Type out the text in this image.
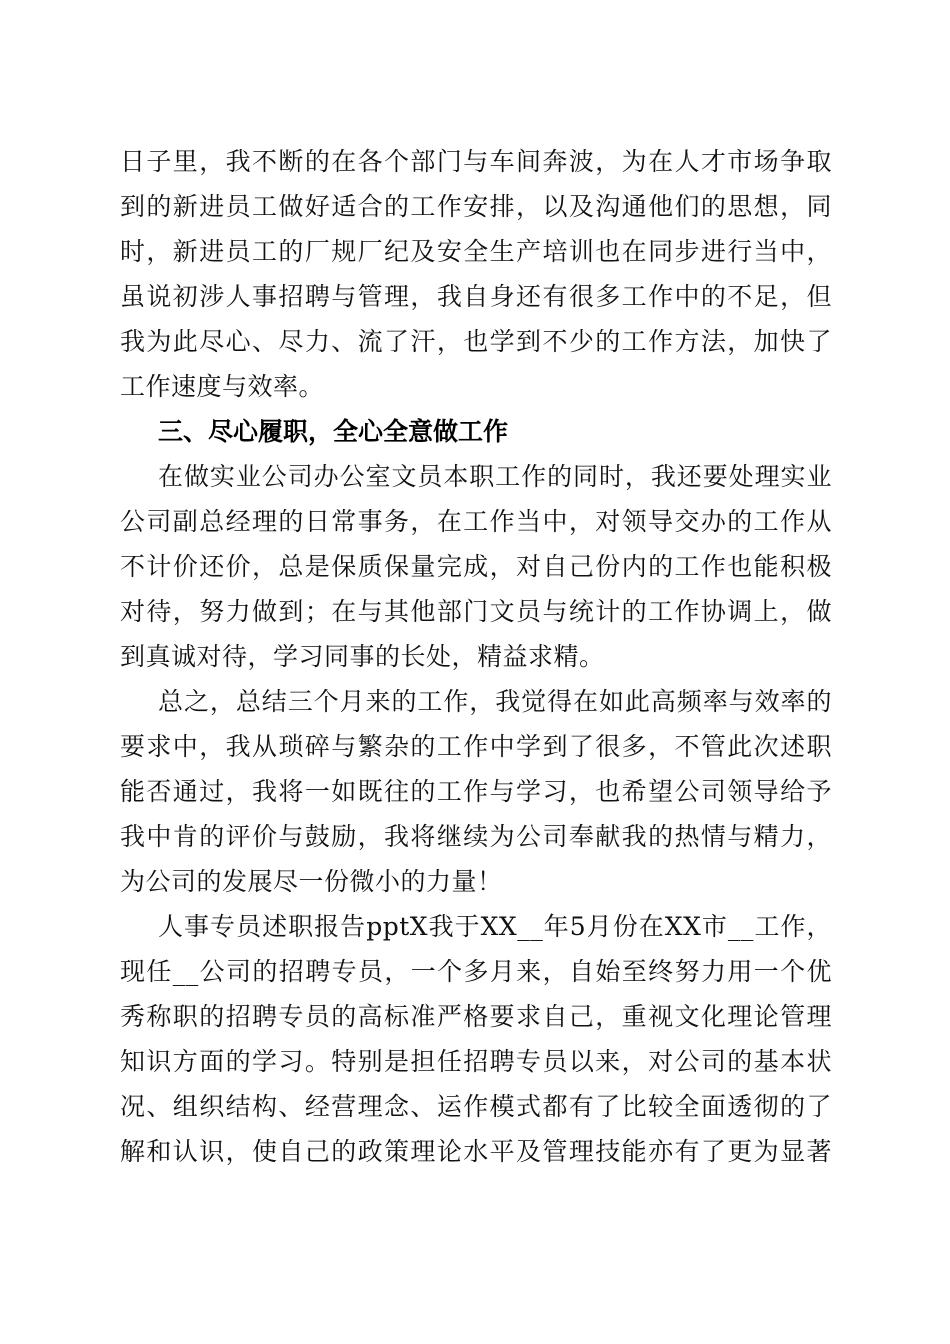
日子里，我不断的在各个部门与车间奔波，为在人才市场争取
到的新进员工做好适合的工作安排，以及沟通他们的思想，同
时，新进员工的厂规厂纪及安全生产培训也在同步进行当中，
虽说初涉人事招聘与管理，我自身还有很多工作中的不足，但
我为此尽心、尽力、流了汗，也学到不少的工作方法，加快了
工作速度与效率。
三、尽心履职，全心全意做工作
在做实业公司办公室文员本职工作的同时，我还要处理实业
公司副总经理的日常事务，在工作当中，对领导交办的工作从
不计价还价，总是保质保量完成，对自己份内的工作也能积极
对待，努力做到；在与其他部门文员与统计的工作协调上，做
到真诚对待，学习同事的长处，精益求精。
总之，总结三个月来的工作，我觉得在如此高频率与效率的
要求中，我从琐碎与繁杂的工作中学到了很多，不管此次述职
能否通过，我将一如既往的工作与学习，也希望公司领导给予
我中肯的评价与鼓励，我将继续为公司奉献我的热情与精力，
为公司的发展尽一份微小的力量！
人事专员述职报告pptX我于XX__年5月份在XX市__工作，
现任__公司的招聘专员，一个多月来，自始至终努力用一个优
秀称职的招聘专员的高标准严格要求自己，重视文化理论管理
知识方面的学习。特别是担任招聘专员以来，对公司的基本状
况、组织结构、经营理念、运作模式都有了比较全面透彻的了
解和认识，使自己的政策理论水平及管理技能亦有了更为显著
